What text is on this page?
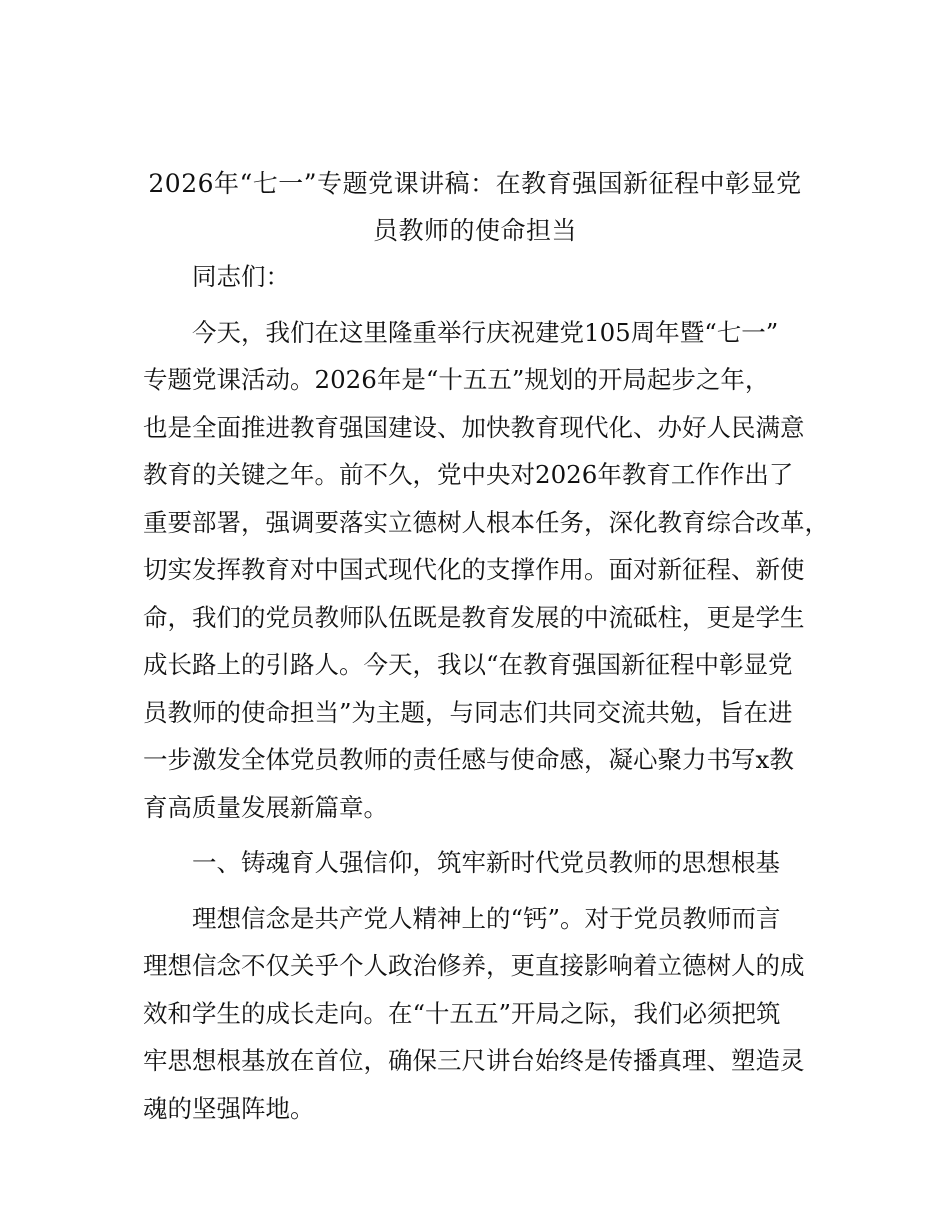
2026年“七一”专题党课讲稿：在教育强国新征程中彰显党
员教师的使命担当

同志们：

今天，我们在这里隆重举行庆祝建党105周年暨“七一”
专题党课活动。2026年是“十五五”规划的开局起步之年，
也是全面推进教育强国建设、加快教育现代化、办好人民满意
教育的关键之年。前不久，党中央对2026年教育工作作出了
重要部署，强调要落实立德树人根本任务，深化教育综合改革，
切实发挥教育对中国式现代化的支撑作用。面对新征程、新使
命，我们的党员教师队伍既是教育发展的中流砥柱，更是学生
成长路上的引路人。今天，我以“在教育强国新征程中彰显党
员教师的使命担当”为主题，与同志们共同交流共勉，旨在进
一步激发全体党员教师的责任感与使命感，凝心聚力书写x教
育高质量发展新篇章。

一、铸魂育人强信仰，筑牢新时代党员教师的思想根基

理想信念是共产党人精神上的“钙”。对于党员教师而言
理想信念不仅关乎个人政治修养，更直接影响着立德树人的成
效和学生的成长走向。在“十五五”开局之际，我们必须把筑
牢思想根基放在首位，确保三尺讲台始终是传播真理、塑造灵
魂的坚强阵地。
